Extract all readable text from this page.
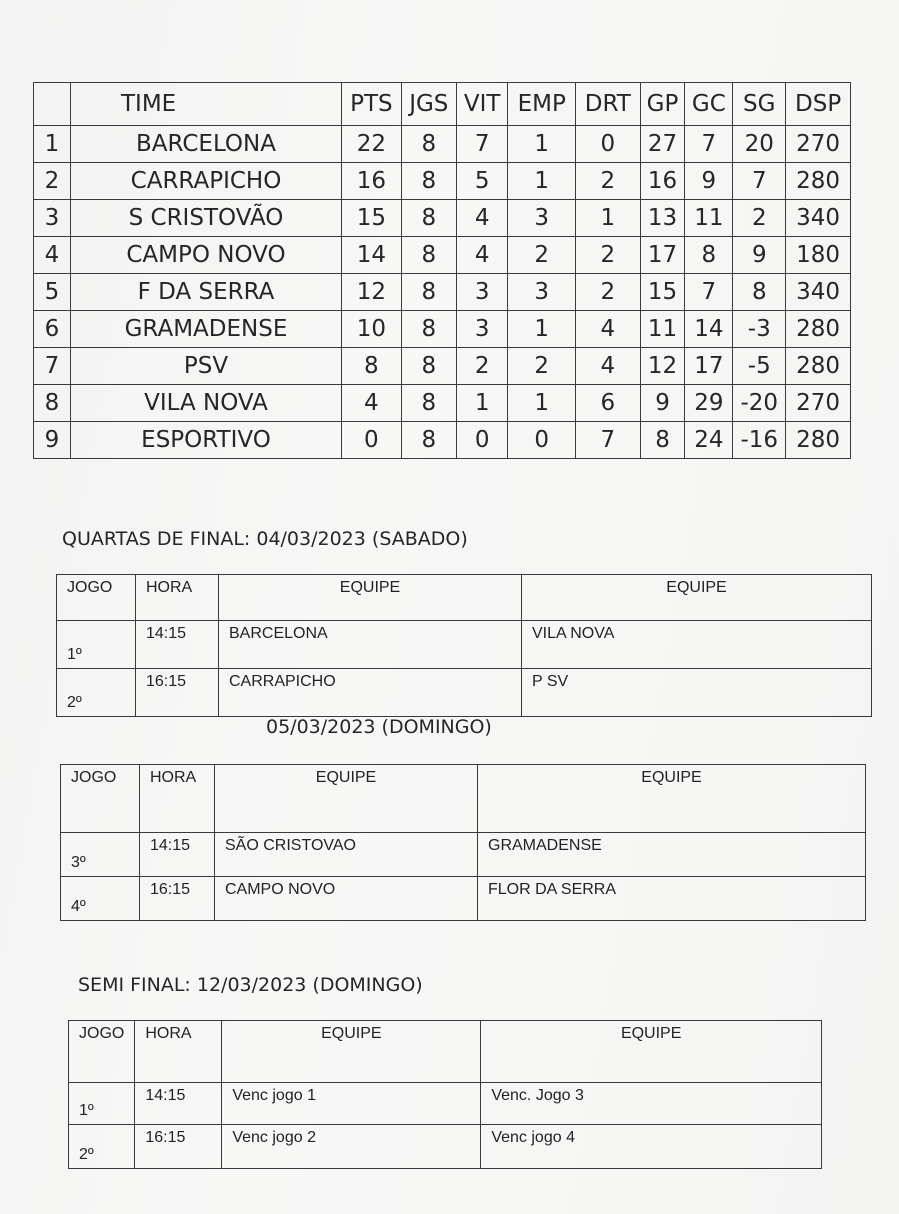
	TIME	PTS	JGS	VIT	EMP	DRT	GP	GC	SG	DSP
1	BARCELONA	22	8	7	1	0	27	7	20	270
2	CARRAPICHO	16	8	5	1	2	16	9	7	280
3	S CRISTOVÃO	15	8	4	3	1	13	11	2	340
4	CAMPO NOVO	14	8	4	2	2	17	8	9	180
5	F DA SERRA	12	8	3	3	2	15	7	8	340
6	GRAMADENSE	10	8	3	1	4	11	14	-3	280
7	PSV	8	8	2	2	4	12	17	-5	280
8	VILA NOVA	4	8	1	1	6	9	29	-20	270
9	ESPORTIVO	0	8	0	0	7	8	24	-16	280
QUARTAS DE FINAL: 04/03/2023 (SABADO)
JOGO	HORA	EQUIPE	EQUIPE
1º	14:15	BARCELONA	VILA NOVA
2º	16:15	CARRAPICHO	P SV
05/03/2023 (DOMINGO)
JOGO	HORA	EQUIPE	EQUIPE
3º	14:15	SÃO CRISTOVAO	GRAMADENSE
4º	16:15	CAMPO NOVO	FLOR DA SERRA
SEMI FINAL: 12/03/2023 (DOMINGO)
JOGO	HORA	EQUIPE	EQUIPE
1º	14:15	Venc jogo 1	Venc. Jogo 3
2º	16:15	Venc jogo 2	Venc jogo 4
